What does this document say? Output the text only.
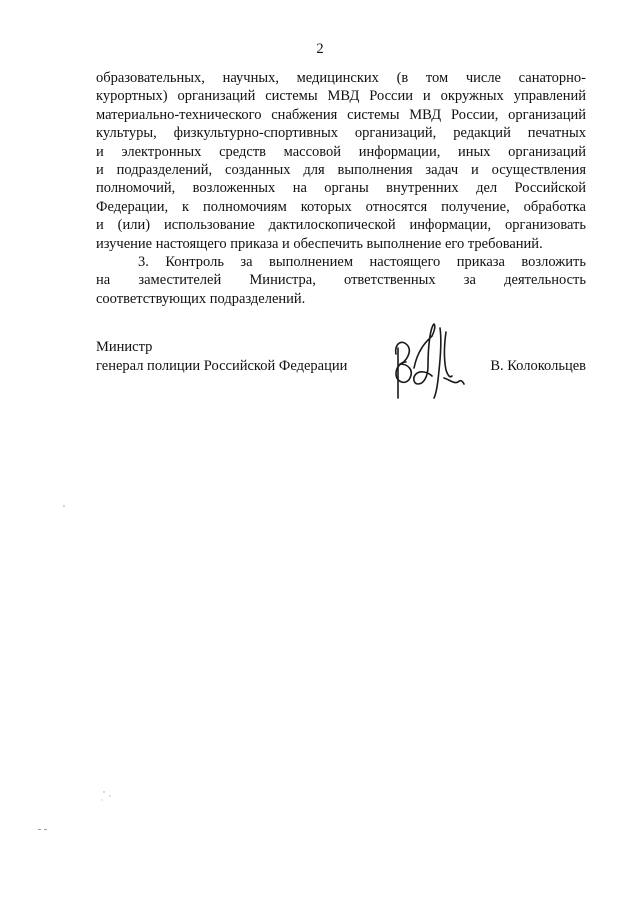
2
образовательных, научных, медицинских (в том числе санаторно-
курортных) организаций системы МВД России и окружных управлений
материально-технического снабжения системы МВД России, организаций
культуры, физкультурно-спортивных организаций, редакций печатных
и электронных средств массовой информации, иных организаций
и подразделений, созданных для выполнения задач и осуществления
полномочий, возложенных на органы внутренних дел Российской
Федерации, к полномочиям которых относятся получение, обработка
и (или) использование дактилоскопической информации, организовать
изучение настоящего приказа и обеспечить выполнение его требований.
3. Контроль за выполнением настоящего приказа возложить
на заместителей Министра, ответственных за деятельность
соответствующих подразделений.
Министр
генерал полиции Российской Федерации	В. Колокольцев
